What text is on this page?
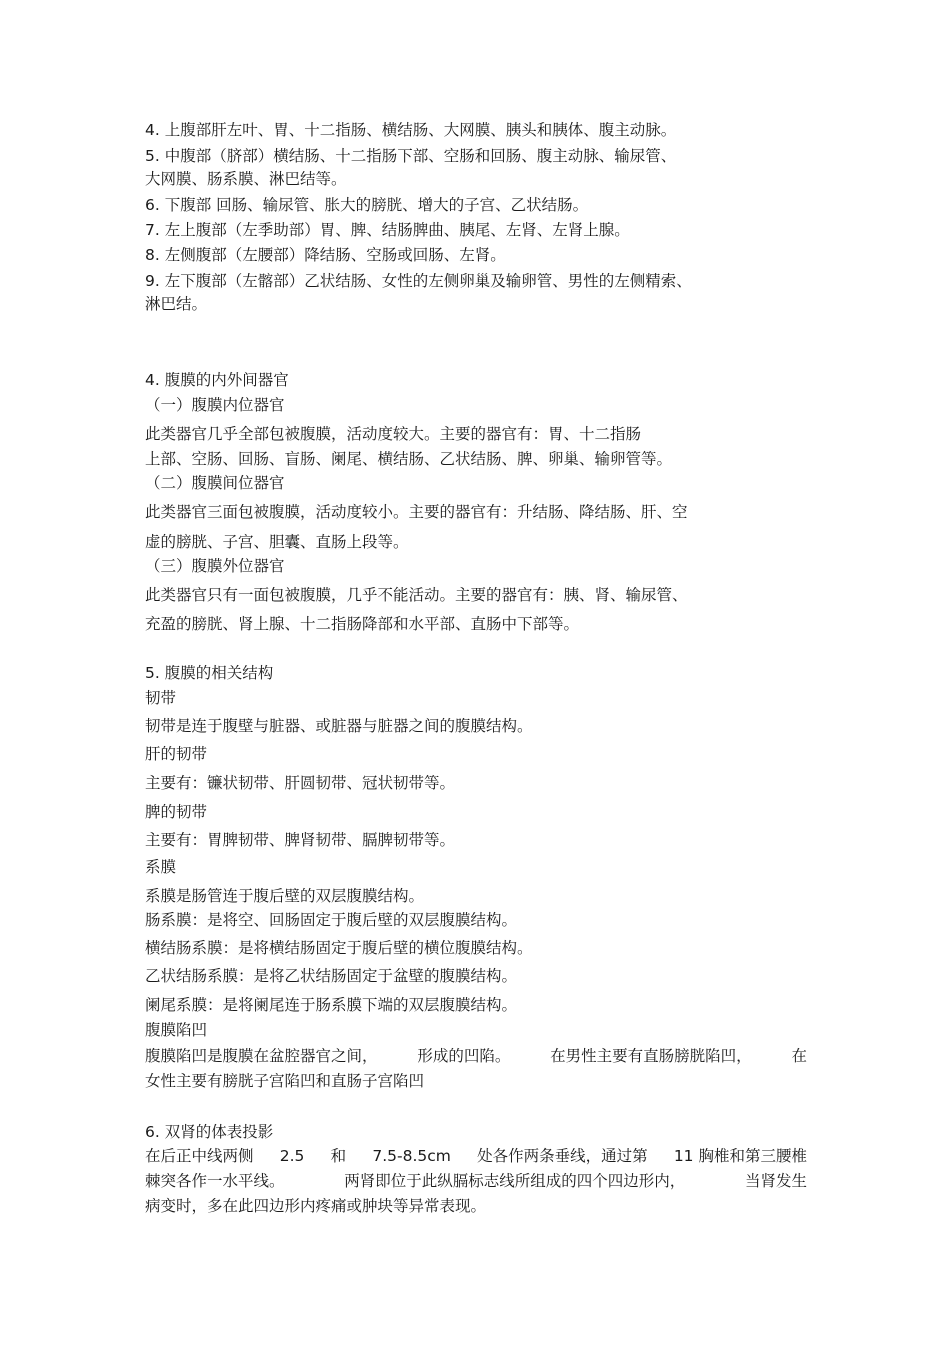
4. 上腹部肝左叶、胃、十二指肠、横结肠、大网膜、胰头和胰体、腹主动脉。

5. 中腹部（脐部）横结肠、十二指肠下部、空肠和回肠、腹主动脉、输尿管、

大网膜、肠系膜、淋巴结等。

6. 下腹部 回肠、输尿管、胀大的膀胱、增大的子宫、乙状结肠。

7. 左上腹部（左季助部）胃、脾、结肠脾曲、胰尾、左肾、左肾上腺。

8. 左侧腹部（左腰部）降结肠、空肠或回肠、左肾。

9. 左下腹部（左髂部）乙状结肠、女性的左侧卵巢及输卵管、男性的左侧精索、

淋巴结。

4. 腹膜的内外间器官

（一）腹膜内位器官

此类器官几乎全部包被腹膜，活动度较大。主要的器官有：胃、十二指肠

上部、空肠、回肠、盲肠、阑尾、横结肠、乙状结肠、脾、卵巢、输卵管等。

（二）腹膜间位器官

此类器官三面包被腹膜，活动度较小。主要的器官有：升结肠、降结肠、肝、空

虚的膀胱、子宫、胆囊、直肠上段等。

（三）腹膜外位器官

此类器官只有一面包被腹膜，几乎不能活动。主要的器官有：胰、肾、输尿管、

充盈的膀胱、肾上腺、十二指肠降部和水平部、直肠中下部等。

5. 腹膜的相关结构

韧带

韧带是连于腹壁与脏器、或脏器与脏器之间的腹膜结构。

肝的韧带

主要有：镰状韧带、肝圆韧带、冠状韧带等。

脾的韧带

主要有：胃脾韧带、脾肾韧带、膈脾韧带等。

系膜

系膜是肠管连于腹后壁的双层腹膜结构。

肠系膜：是将空、回肠固定于腹后壁的双层腹膜结构。

横结肠系膜：是将横结肠固定于腹后壁的横位腹膜结构。

乙状结肠系膜：是将乙状结肠固定于盆壁的腹膜结构。

阑尾系膜：是将阑尾连于肠系膜下端的双层腹膜结构。

腹膜陷凹

腹膜陷凹是腹膜在盆腔器官之间，	形成的凹陷。	在男性主要有直肠膀胱陷凹，	在

女性主要有膀胱子宫陷凹和直肠子宫陷凹

6. 双肾的体表投影

在后正中线两侧 2.5 和 7.5-8.5cm 处各作两条垂线，通过第 11 胸椎和第三腰椎
棘突各作一水平线。	两肾即位于此纵膈标志线所组成的四个四边形内，	当肾发生

病变时，多在此四边形内疼痛或肿块等异常表现。
